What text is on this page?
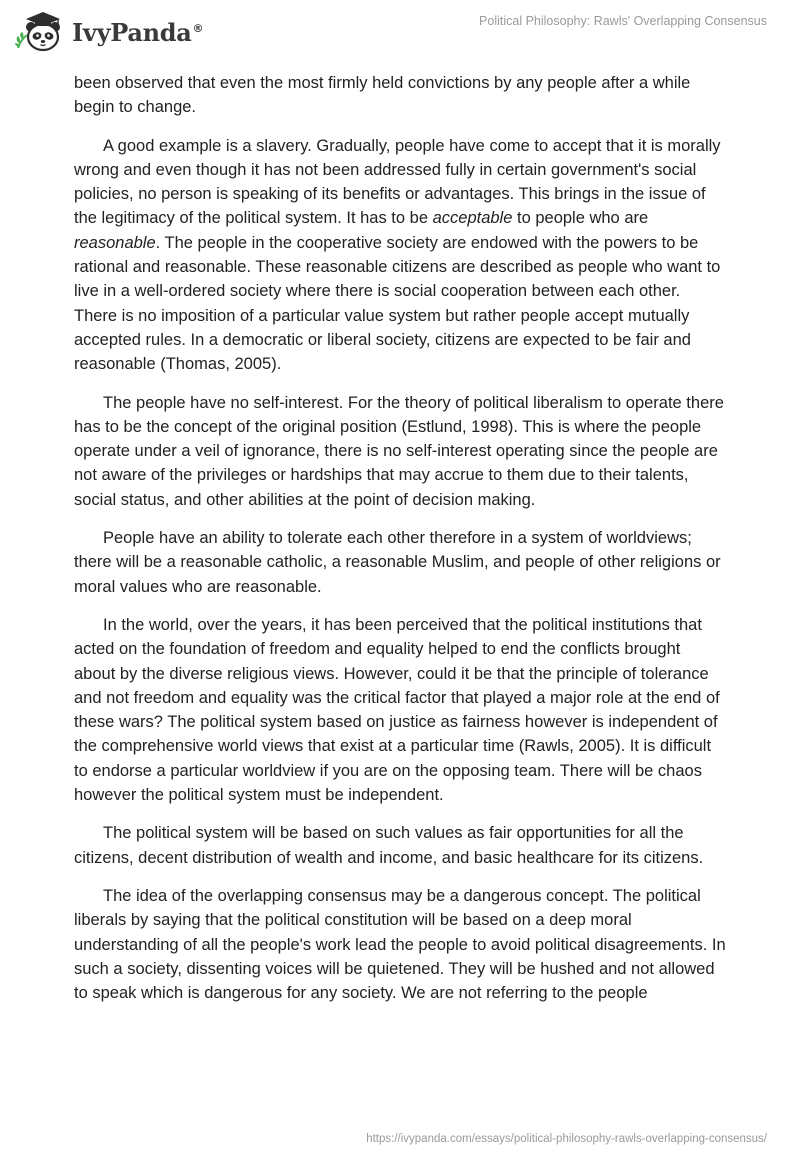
IvyPanda®	Political Philosophy: Rawls' Overlapping Consensus

been observed that even the most firmly held convictions by any people after a while begin to change.

A good example is a slavery. Gradually, people have come to accept that it is morally wrong and even though it has not been addressed fully in certain government's social policies, no person is speaking of its benefits or advantages. This brings in the issue of the legitimacy of the political system. It has to be acceptable to people who are reasonable. The people in the cooperative society are endowed with the powers to be rational and reasonable. These reasonable citizens are described as people who want to live in a well-ordered society where there is social cooperation between each other. There is no imposition of a particular value system but rather people accept mutually accepted rules. In a democratic or liberal society, citizens are expected to be fair and reasonable (Thomas, 2005).

The people have no self-interest. For the theory of political liberalism to operate there has to be the concept of the original position (Estlund, 1998). This is where the people operate under a veil of ignorance, there is no self-interest operating since the people are not aware of the privileges or hardships that may accrue to them due to their talents, social status, and other abilities at the point of decision making.

People have an ability to tolerate each other therefore in a system of worldviews; there will be a reasonable catholic, a reasonable Muslim, and people of other religions or moral values who are reasonable.

In the world, over the years, it has been perceived that the political institutions that acted on the foundation of freedom and equality helped to end the conflicts brought about by the diverse religious views. However, could it be that the principle of tolerance and not freedom and equality was the critical factor that played a major role at the end of these wars? The political system based on justice as fairness however is independent of the comprehensive world views that exist at a particular time (Rawls, 2005). It is difficult to endorse a particular worldview if you are on the opposing team. There will be chaos however the political system must be independent.

The political system will be based on such values as fair opportunities for all the citizens, decent distribution of wealth and income, and basic healthcare for its citizens.

The idea of the overlapping consensus may be a dangerous concept. The political liberals by saying that the political constitution will be based on a deep moral understanding of all the people's work lead the people to avoid political disagreements. In such a society, dissenting voices will be quietened. They will be hushed and not allowed to speak which is dangerous for any society. We are not referring to the people

https://ivypanda.com/essays/political-philosophy-rawls-overlapping-consensus/
